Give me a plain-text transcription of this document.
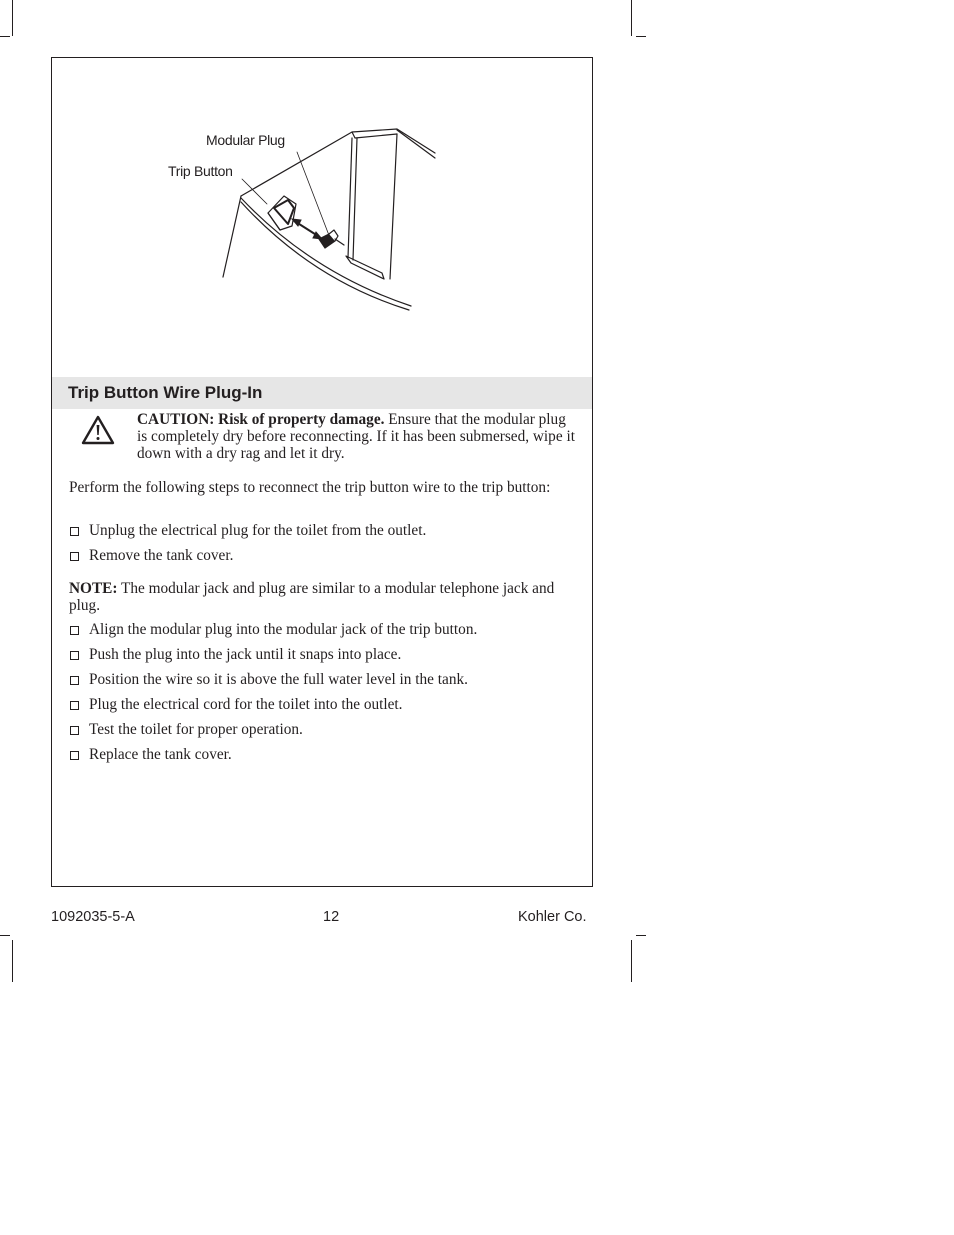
Modular Plug
Trip Button
Trip Button Wire Plug-In
CAUTION: Risk of property damage. Ensure that the modular plug is completely dry before reconnecting. If it has been submersed, wipe it down with a dry rag and let it dry.
Perform the following steps to reconnect the trip button wire to the trip button:
Unplug the electrical plug for the toilet from the outlet.
Remove the tank cover.
NOTE: The modular jack and plug are similar to a modular telephone jack and plug.
Align the modular plug into the modular jack of the trip button.
Push the plug into the jack until it snaps into place.
Position the wire so it is above the full water level in the tank.
Plug the electrical cord for the toilet into the outlet.
Test the toilet for proper operation.
Replace the tank cover.
1092035-5-A	12	Kohler Co.
